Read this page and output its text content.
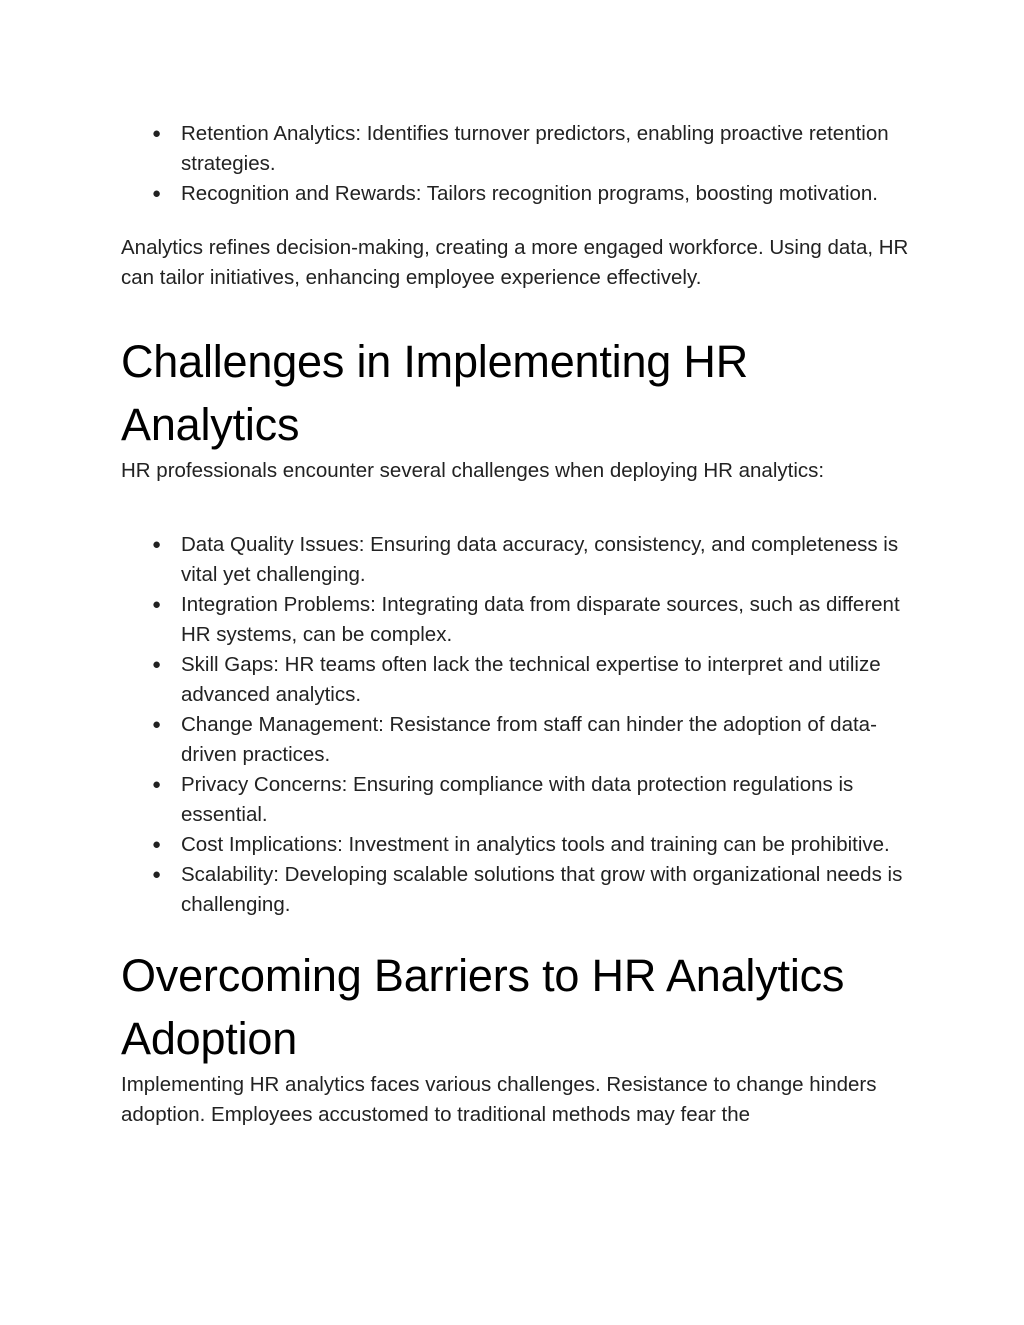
● Retention Analytics: Identifies turnover predictors, enabling proactive retention strategies.
● Recognition and Rewards: Tailors recognition programs, boosting motivation.

Analytics refines decision-making, creating a more engaged workforce. Using data, HR can tailor initiatives, enhancing employee experience effectively.

Challenges in Implementing HR Analytics

HR professionals encounter several challenges when deploying HR analytics:

● Data Quality Issues: Ensuring data accuracy, consistency, and completeness is vital yet challenging.
● Integration Problems: Integrating data from disparate sources, such as different HR systems, can be complex.
● Skill Gaps: HR teams often lack the technical expertise to interpret and utilize advanced analytics.
● Change Management: Resistance from staff can hinder the adoption of data-driven practices.
● Privacy Concerns: Ensuring compliance with data protection regulations is essential.
● Cost Implications: Investment in analytics tools and training can be prohibitive.
● Scalability: Developing scalable solutions that grow with organizational needs is challenging.
Overcoming Barriers to HR Analytics Adoption

Implementing HR analytics faces various challenges. Resistance to change hinders adoption. Employees accustomed to traditional methods may fear the
